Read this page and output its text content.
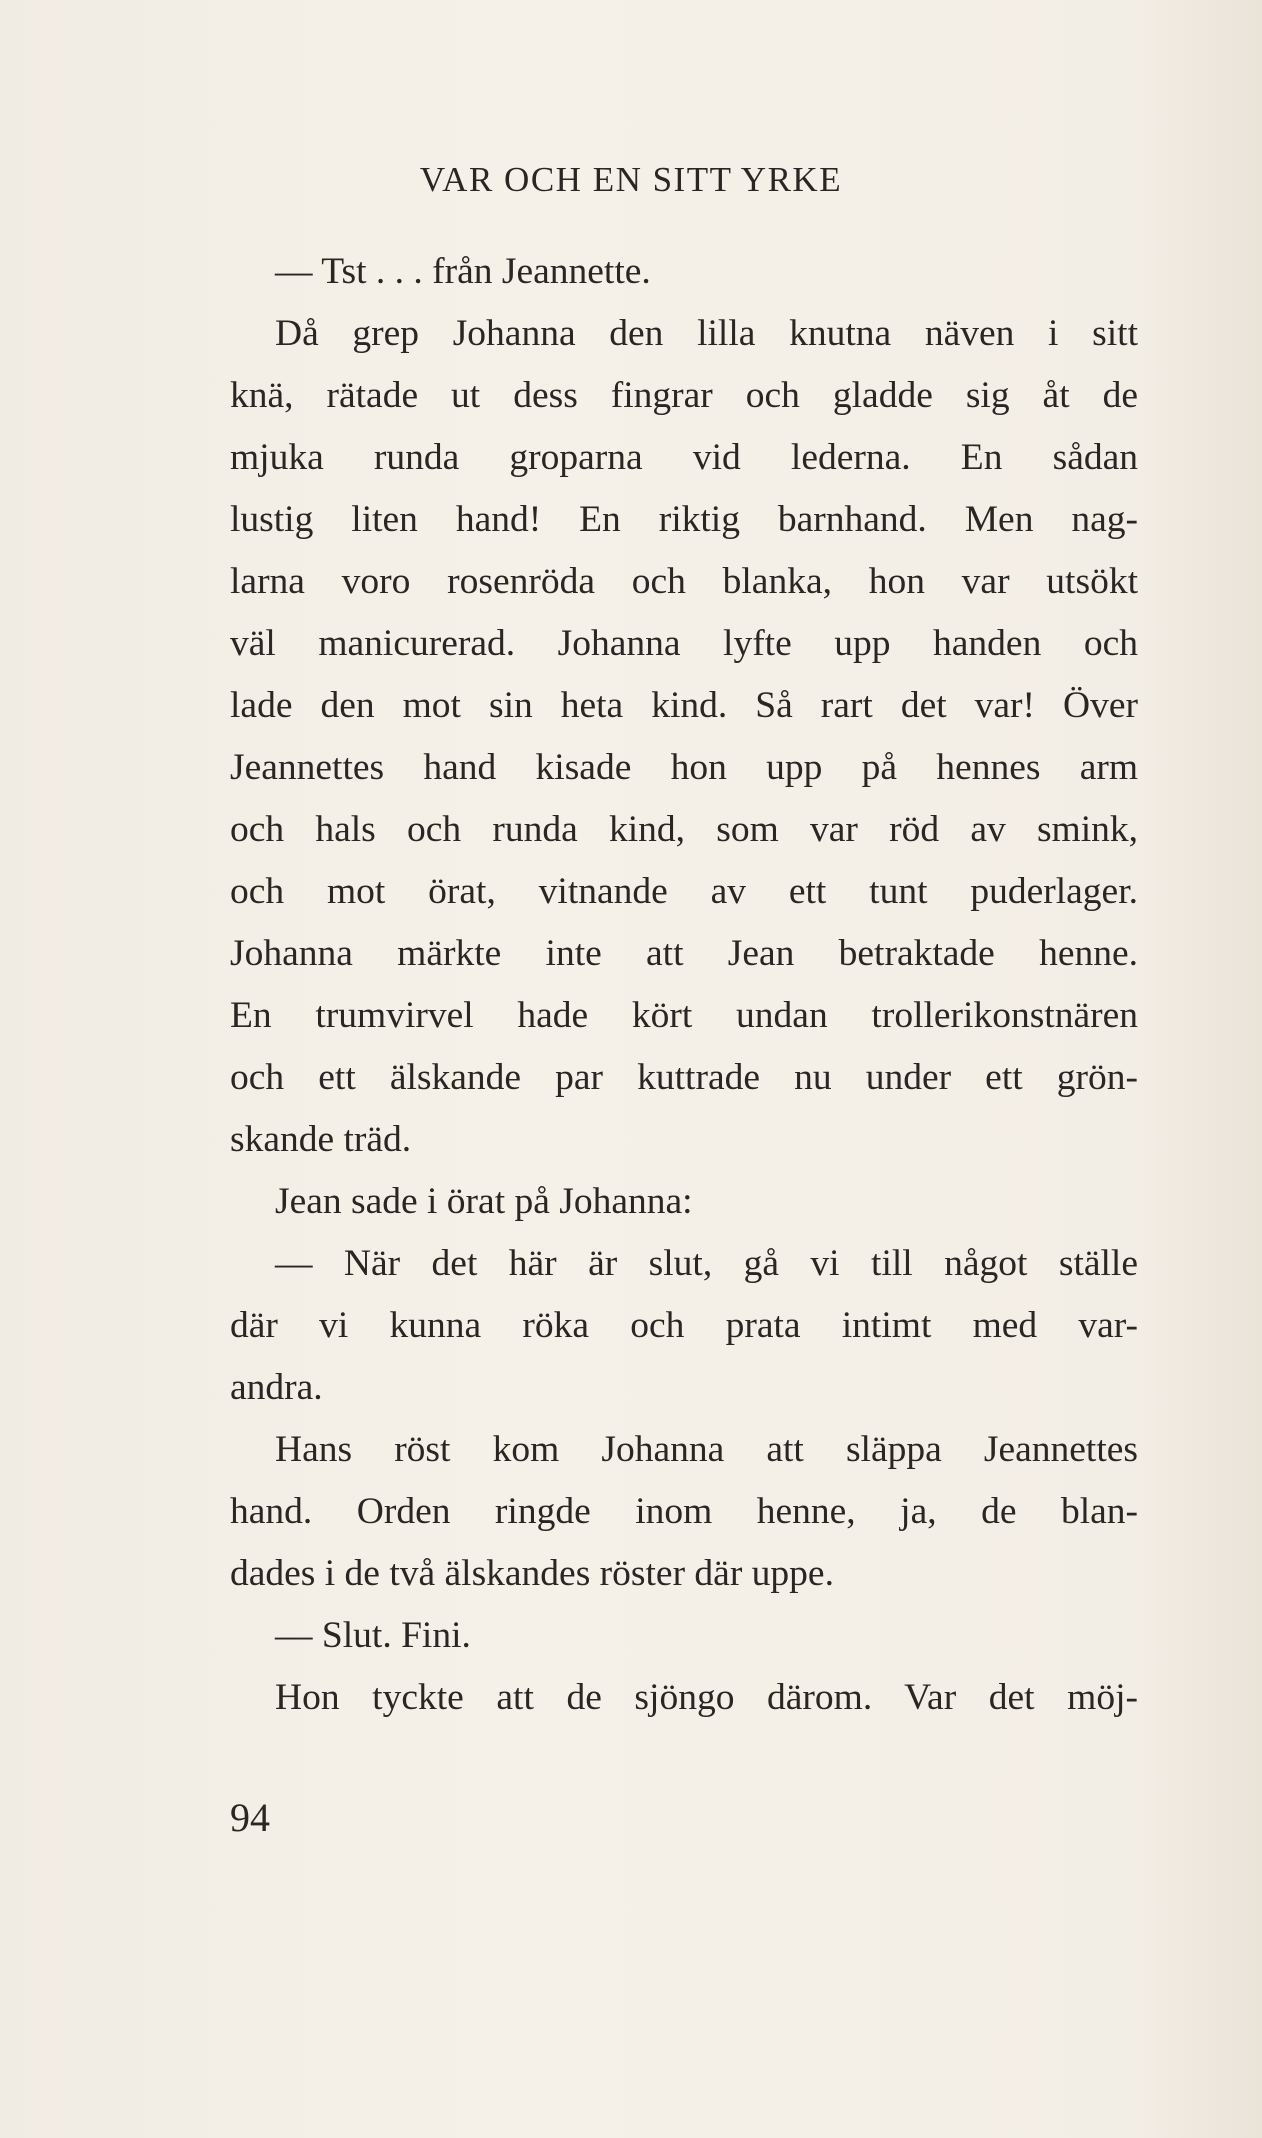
VAR OCH EN SITT YRKE
— Tst . . . från Jeannette.
Då grep Johanna den lilla knutna näven i sitt
knä, rätade ut dess fingrar och gladde sig åt de
mjuka runda groparna vid lederna. En sådan
lustig liten hand! En riktig barnhand. Men nag-
larna voro rosenröda och blanka, hon var utsökt
väl manicurerad. Johanna lyfte upp handen och
lade den mot sin heta kind. Så rart det var! Över
Jeannettes hand kisade hon upp på hennes arm
och hals och runda kind, som var röd av smink,
och mot örat, vitnande av ett tunt puderlager.
Johanna märkte inte att Jean betraktade henne.
En trumvirvel hade kört undan trollerikonstnären
och ett älskande par kuttrade nu under ett grön-
skande träd.
Jean sade i örat på Johanna:
— När det här är slut, gå vi till något ställe
där vi kunna röka och prata intimt med var-
andra.
Hans röst kom Johanna att släppa Jeannettes
hand. Orden ringde inom henne, ja, de blan-
dades i de två älskandes röster där uppe.
— Slut. Fini.
Hon tyckte att de sjöngo därom. Var det möj-
94
